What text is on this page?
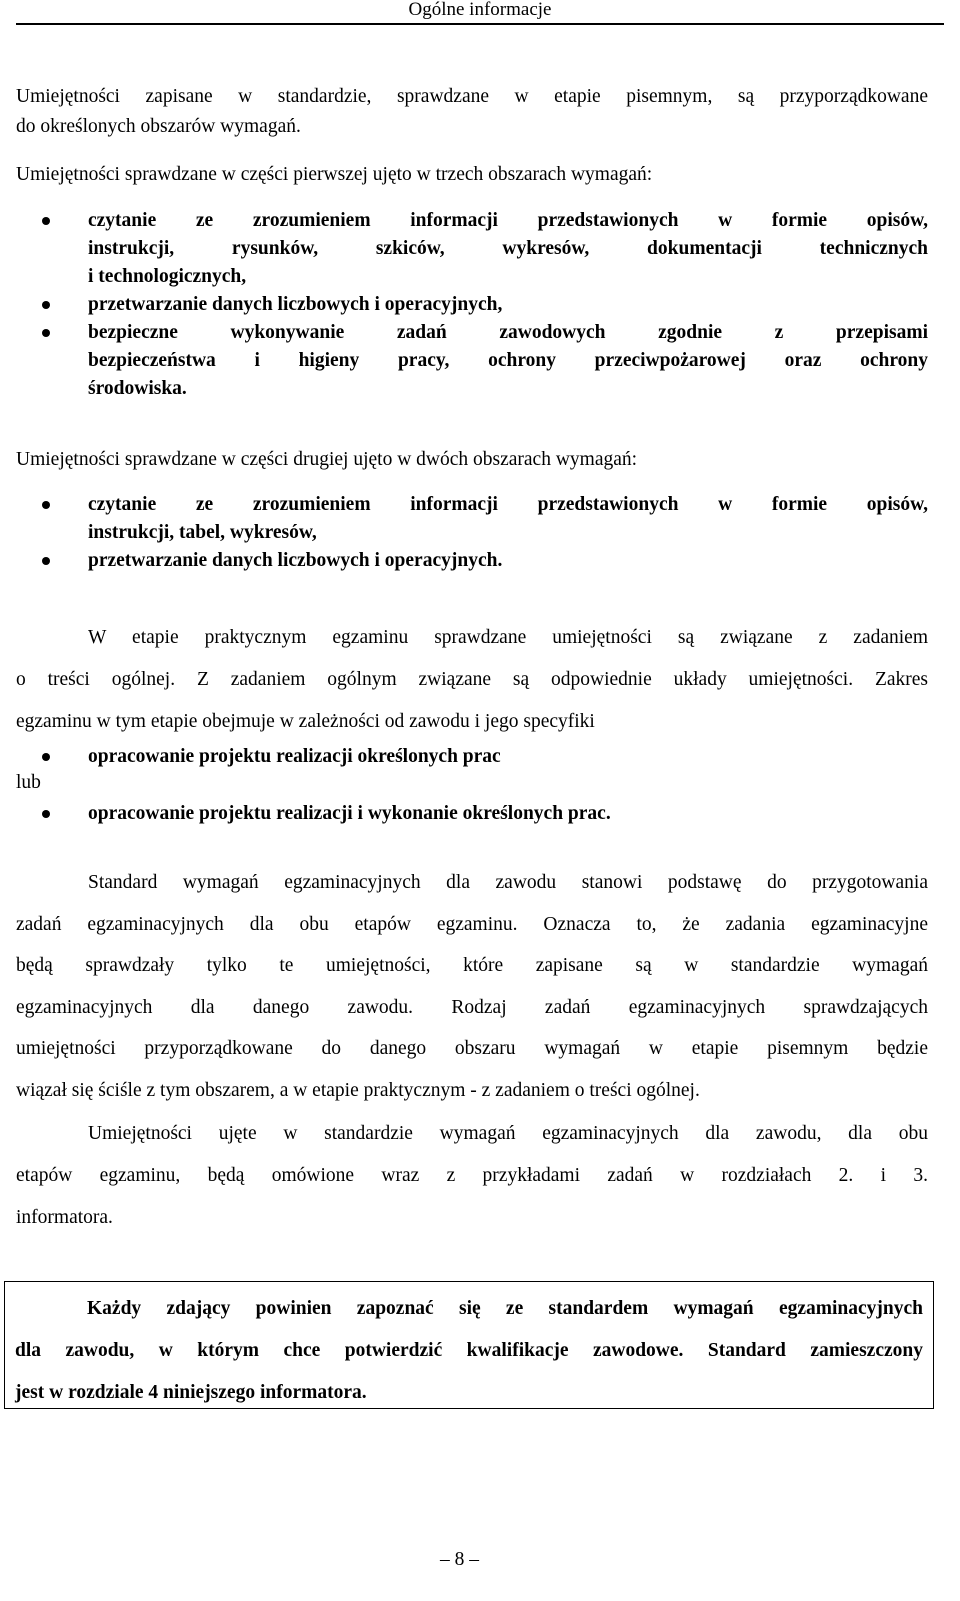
Ogólne informacje
Umiejętności zapisane w standardzie, sprawdzane w etapie pisemnym, są przyporządkowane
do określonych obszarów wymagań.
Umiejętności sprawdzane w części pierwszej ujęto w trzech obszarach wymagań:
czytanie ze zrozumieniem informacji przedstawionych w formie opisów,
instrukcji, rysunków, szkiców, wykresów, dokumentacji technicznych
i technologicznych,
przetwarzanie danych liczbowych i operacyjnych,
bezpieczne wykonywanie zadań zawodowych zgodnie z przepisami
bezpieczeństwa i higieny pracy, ochrony przeciwpożarowej oraz ochrony
środowiska.
Umiejętności sprawdzane w części drugiej ujęto w dwóch obszarach wymagań:
czytanie ze zrozumieniem informacji przedstawionych w formie opisów,
instrukcji, tabel, wykresów,
przetwarzanie danych liczbowych i operacyjnych.
W etapie praktycznym egzaminu sprawdzane umiejętności są związane z zadaniem
o treści ogólnej. Z zadaniem ogólnym związane są odpowiednie układy umiejętności. Zakres
egzaminu w tym etapie obejmuje w zależności od zawodu i jego specyfiki
opracowanie projektu realizacji określonych prac
lub
opracowanie projektu realizacji i wykonanie określonych prac.
Standard wymagań egzaminacyjnych dla zawodu stanowi podstawę do przygotowania
zadań egzaminacyjnych dla obu etapów egzaminu. Oznacza to, że zadania egzaminacyjne
będą sprawdzały tylko te umiejętności, które zapisane są w standardzie wymagań
egzaminacyjnych dla danego zawodu. Rodzaj zadań egzaminacyjnych sprawdzających
umiejętności przyporządkowane do danego obszaru wymagań w etapie pisemnym będzie
wiązał się ściśle z tym obszarem, a w etapie praktycznym - z zadaniem o treści ogólnej.
Umiejętności ujęte w standardzie wymagań egzaminacyjnych dla zawodu, dla obu
etapów egzaminu, będą omówione wraz z przykładami zadań w rozdziałach 2. i 3.
informatora.
Każdy zdający powinien zapoznać się ze standardem wymagań egzaminacyjnych
dla zawodu, w którym chce potwierdzić kwalifikacje zawodowe. Standard zamieszczony
jest w rozdziale 4 niniejszego informatora.
– 8 –
